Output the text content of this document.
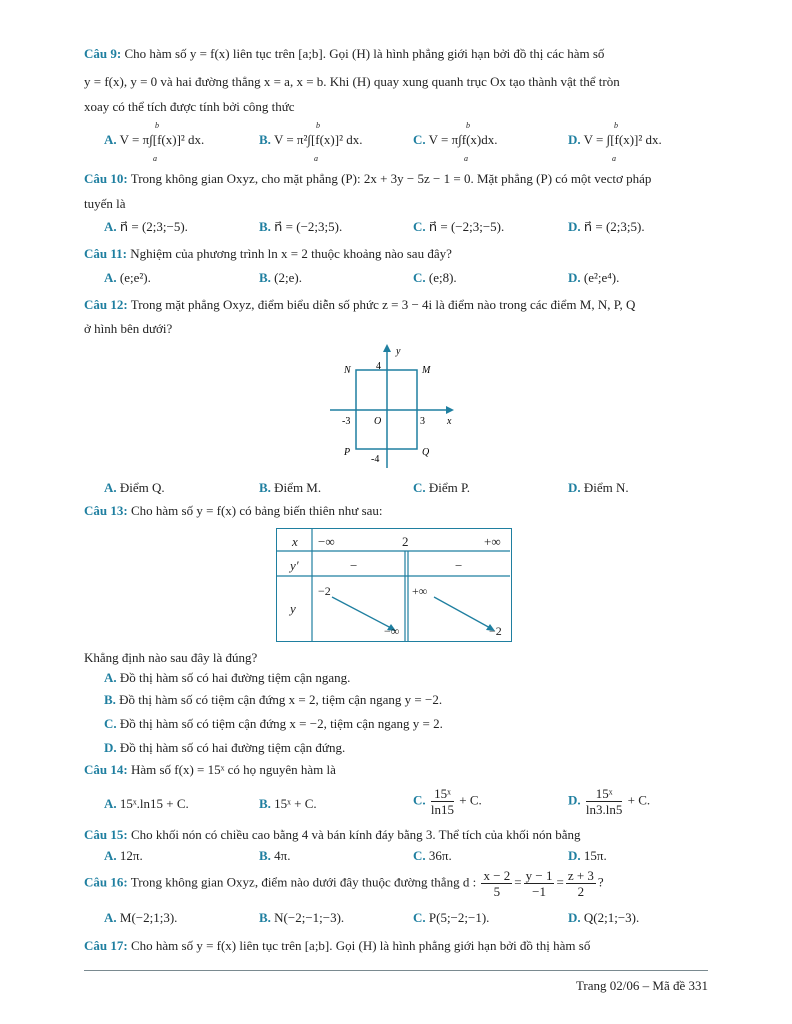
Câu 9: Cho hàm số y = f(x) liên tục trên [a;b]. Gọi (H) là hình phẳng giới hạn bởi đồ thị các hàm số
y = f(x), y = 0 và hai đường thẳng x = a, x = b. Khi (H) quay xung quanh trục Ox tạo thành vật thể tròn
xoay có thể tích được tính bởi công thức
A. V = π∫[f(x)]² dx.	B. V = π²∫[f(x)]² dx.	C. V = π∫f(x)dx.	D. V = ∫[f(x)]² dx.
b
a
b
a
b
a
b
a
Câu 10: Trong không gian Oxyz, cho mặt phẳng (P): 2x + 3y − 5z − 1 = 0. Mặt phẳng (P) có một vectơ pháp
tuyến là
A. n⃗ = (2;3;−5).	B. n⃗ = (−2;3;5).	C. n⃗ = (−2;3;−5).	D. n⃗ = (2;3;5).
Câu 11: Nghiệm của phương trình ln x = 2 thuộc khoảng nào sau đây?
A. (e;e²).	B. (2;e).	C. (e;8).	D. (e²;e⁴).
Câu 12: Trong mặt phẳng Oxyz, điểm biểu diễn số phức z = 3 − 4i là điểm nào trong các điểm M, N, P, Q
ở hình bên dưới?
y
x
O
N	M
P	Q
4
-4
3
-3
A. Điểm Q.	B. Điểm M.	C. Điểm P.	D. Điểm N.
Câu 13: Cho hàm số y = f(x) có bảng biến thiên như sau:
x −∞	2	+∞
y′	−	−
y
−2	+∞
−∞	−2
Khẳng định nào sau đây là đúng?
A. Đồ thị hàm số có hai đường tiệm cận ngang.
B. Đồ thị hàm số có tiệm cận đứng x = 2, tiệm cận ngang y = −2.
C. Đồ thị hàm số có tiệm cận đứng x = −2, tiệm cận ngang y = 2.
D. Đồ thị hàm số có hai đường tiệm cận đứng.
Câu 14: Hàm số f(x) = 15ˣ có họ nguyên hàm là
A. 15ˣ.ln15 + C.	B. 15ˣ + C.	C. $\frac{\text{15ˣ}}{\ln 15} + C$.	D. $\frac{\text{15ˣ}}{\ln 3.\ln 5} + C$.
Câu 15: Cho khối nón có chiều cao bằng 4 và bán kính đáy bằng 3. Thể tích của khối nón bằng
A. 12π.	B. 4π.	C. 36π.	D. 15π.
Câu 16: Trong không gian Oxyz, điểm nào dưới đây thuộc đường thẳng d : $\frac{x - 2}{5} = \frac{y - 1}{-1} = \frac{z + 3}{2}$ ?
A. M(−2;1;3).	B. N(−2;−1;−3).	C. P(5;−2;−1).	D. Q(2;1;−3).
Câu 17: Cho hàm số y = f(x) liên tục trên [a;b]. Gọi (H) là hình phẳng giới hạn bởi đồ thị hàm số
Trang 02/06 – Mã đề 331
